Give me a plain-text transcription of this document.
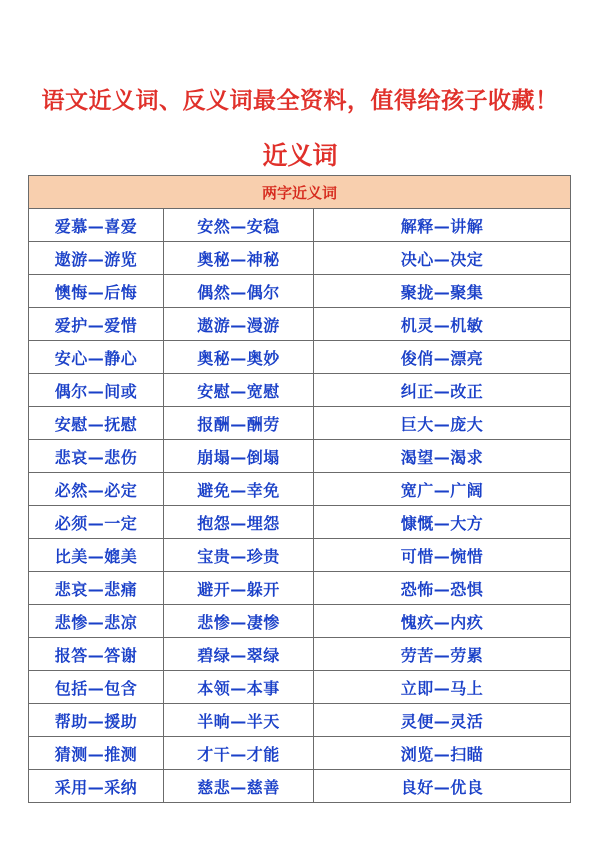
语文近义词、反义词最全资料，值得给孩子收藏！
近义词
两字近义词		
爱慕—喜爱	安然—安稳	解释—讲解
遨游—游览	奥秘—神秘	决心—决定
懊悔—后悔	偶然—偶尔	聚拢—聚集
爱护—爱惜	遨游—漫游	机灵—机敏
安心—静心	奥秘—奥妙	俊俏—漂亮
偶尔—间或	安慰—宽慰	纠正—改正
安慰—抚慰	报酬—酬劳	巨大—庞大
悲哀—悲伤	崩塌—倒塌	渴望—渴求
必然—必定	避免—幸免	宽广—广阔
必须—一定	抱怨—埋怨	慷慨—大方
比美—媲美	宝贵—珍贵	可惜—惋惜
悲哀—悲痛	避开—躲开	恐怖—恐惧
悲惨—悲凉	悲惨—凄惨	愧疚—内疚
报答—答谢	碧绿—翠绿	劳苦—劳累
包括—包含	本领—本事	立即—马上
帮助—援助	半晌—半天	灵便—灵活
猜测—推测	才干—才能	浏览—扫瞄
采用—采纳	慈悲—慈善	良好—优良
